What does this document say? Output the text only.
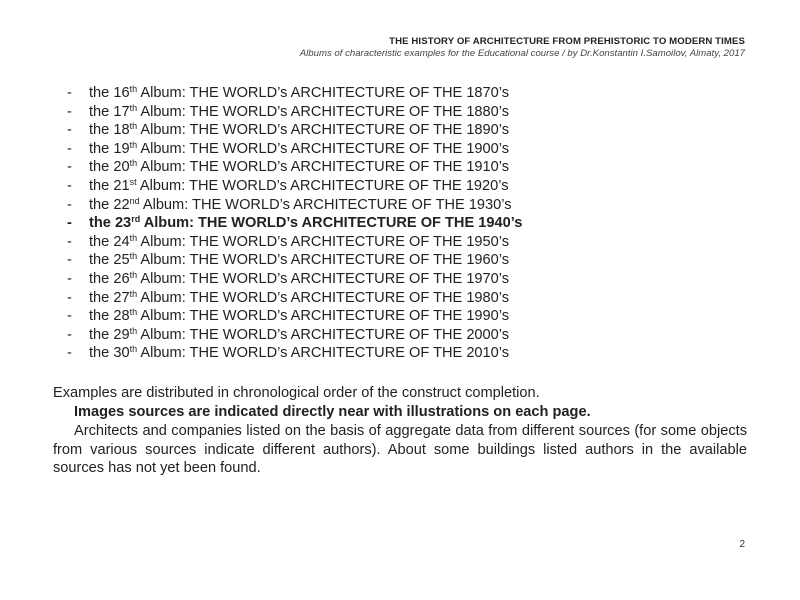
THE HISTORY OF ARCHITECTURE FROM PREHISTORIC TO MODERN TIMES
Albums of characteristic examples for the Educational course / by Dr.Konstantin I.Samoilov, Almaty, 2017
- the 16th Album: THE WORLD’s ARCHITECTURE OF THE 1870’s
- the 17th Album: THE WORLD’s ARCHITECTURE OF THE 1880’s
- the 18th Album: THE WORLD’s ARCHITECTURE OF THE 1890’s
- the 19th Album: THE WORLD’s ARCHITECTURE OF THE 1900’s
- the 20th Album: THE WORLD’s ARCHITECTURE OF THE 1910’s
- the 21st Album: THE WORLD’s ARCHITECTURE OF THE 1920’s
- the 22nd Album: THE WORLD’s ARCHITECTURE OF THE 1930’s
- the 23rd Album: THE WORLD’s ARCHITECTURE OF THE 1940’s
- the 24th Album: THE WORLD’s ARCHITECTURE OF THE 1950’s
- the 25th Album: THE WORLD’s ARCHITECTURE OF THE 1960’s
- the 26th Album: THE WORLD’s ARCHITECTURE OF THE 1970’s
- the 27th Album: THE WORLD’s ARCHITECTURE OF THE 1980’s
- the 28th Album: THE WORLD’s ARCHITECTURE OF THE 1990’s
- the 29th Album: THE WORLD’s ARCHITECTURE OF THE 2000’s
- the 30th Album: THE WORLD’s ARCHITECTURE OF THE 2010’s

Examples are distributed in chronological order of the construct completion.

Images sources are indicated directly near with illustrations on each page.

Architects and companies listed on the basis of aggregate data from different sources (for some objects from various sources indicate different authors). About some buildings listed authors in the available sources has not yet been found.

2
